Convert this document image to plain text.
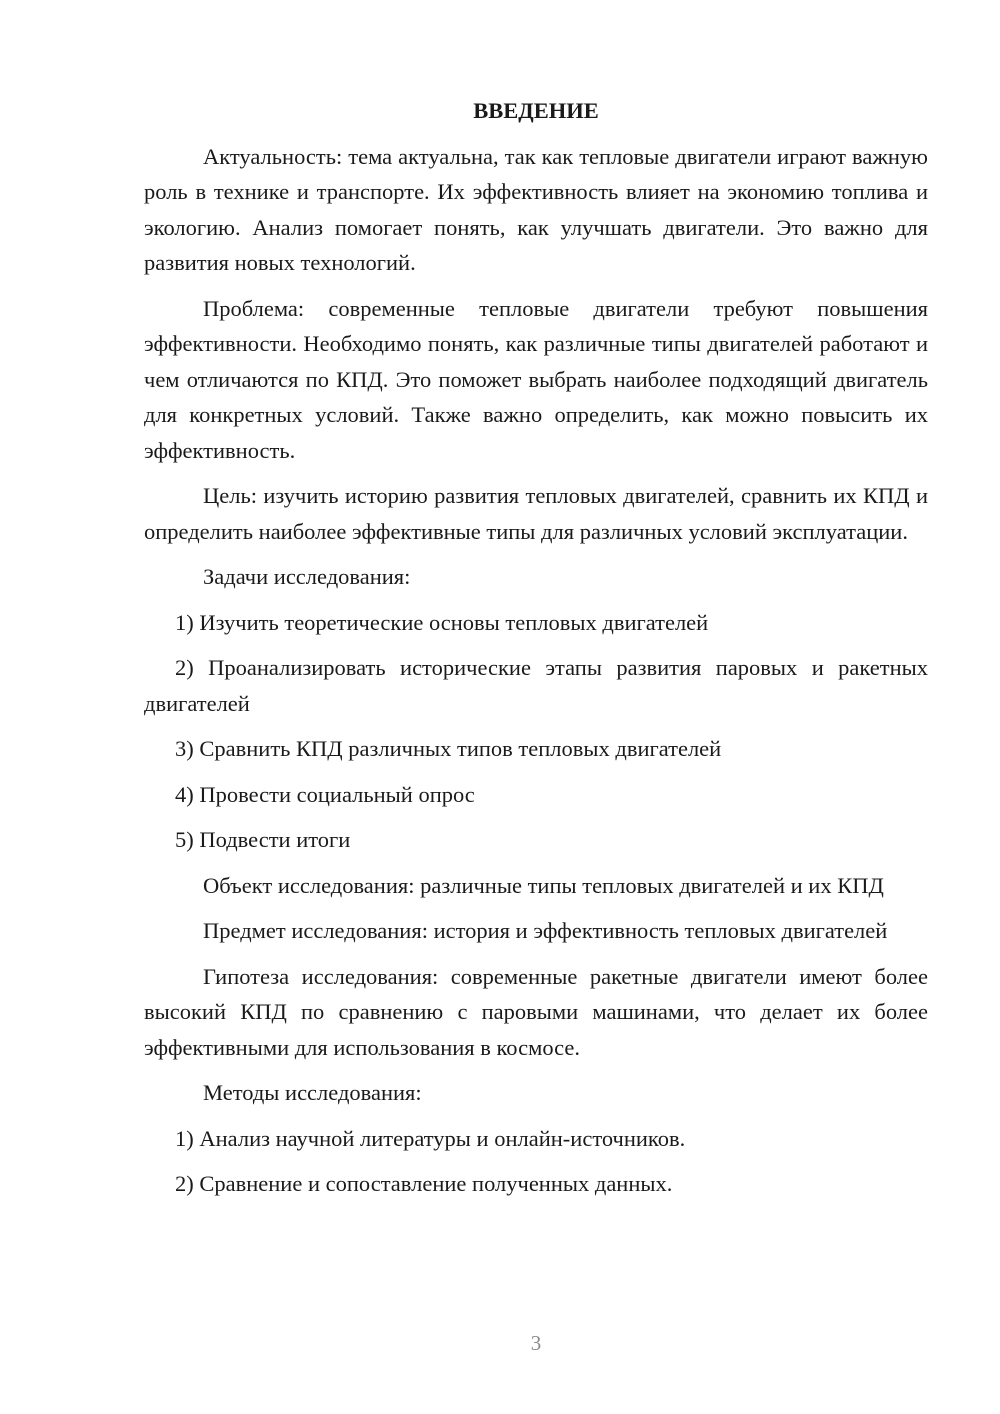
ВВЕДЕНИЕ

Актуальность: тема актуальна, так как тепловые двигатели играют важную роль в технике и транспорте. Их эффективность влияет на экономию топлива и экологию. Анализ помогает понять, как улучшать двигатели. Это важно для развития новых технологий.

Проблема: современные тепловые двигатели требуют повышения эффективности. Необходимо понять, как различные типы двигателей работают и чем отличаются по КПД. Это поможет выбрать наиболее подходящий двигатель для конкретных условий. Также важно определить, как можно повысить их эффективность.

Цель: изучить историю развития тепловых двигателей, сравнить их КПД и определить наиболее эффективные типы для различных условий эксплуатации.

Задачи исследования:

1) Изучить теоретические основы тепловых двигателей

2) Проанализировать исторические этапы развития паровых и ракетных двигателей

3) Сравнить КПД различных типов тепловых двигателей

4) Провести социальный опрос

5) Подвести итоги

Объект исследования: различные типы тепловых двигателей и их КПД

Предмет исследования: история и эффективность тепловых двигателей

Гипотеза исследования: современные ракетные двигатели имеют более высокий КПД по сравнению с паровыми машинами, что делает их более эффективными для использования в космосе.

Методы исследования:

1) Анализ научной литературы и онлайн-источников.

2) Сравнение и сопоставление полученных данных.

3
